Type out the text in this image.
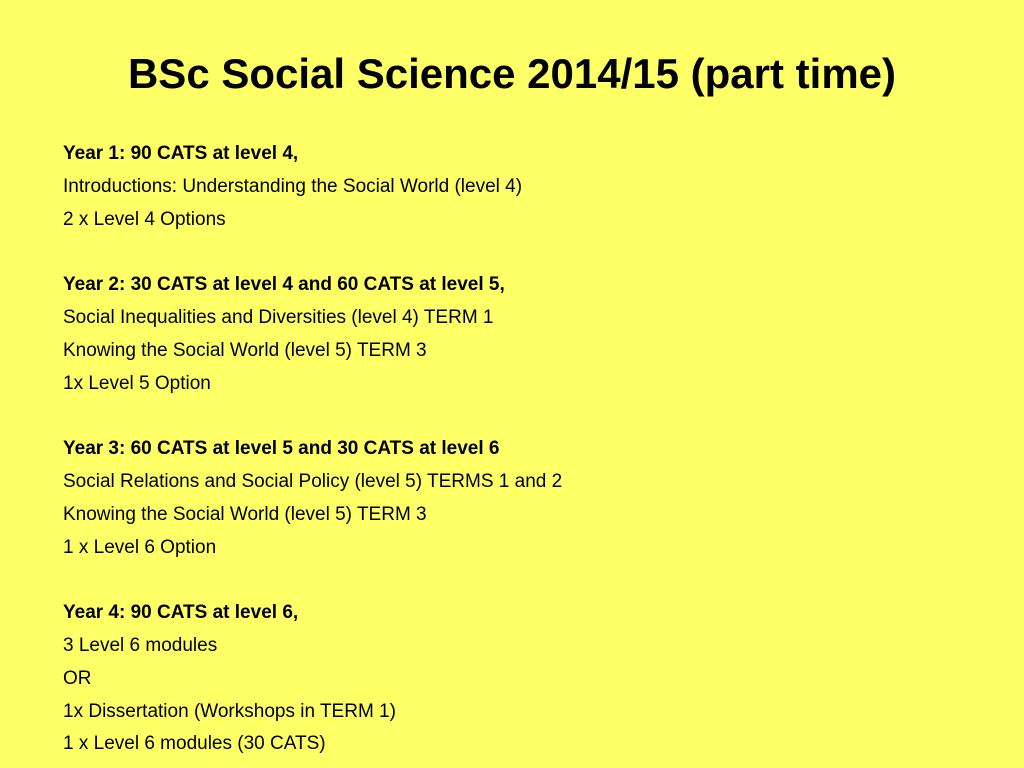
BSc Social Science 2014/15 (part time)
Year 1: 90 CATS at level 4,
Introductions: Understanding the Social World (level 4)
2 x Level 4 Options
Year 2: 30 CATS at level 4 and 60 CATS at level 5,
Social Inequalities and Diversities (level 4) TERM 1
Knowing the Social World (level 5) TERM 3
1x Level 5 Option
Year 3: 60 CATS at level 5 and 30 CATS at level 6
Social Relations and Social Policy (level 5) TERMS 1 and 2
Knowing the Social World (level 5) TERM 3
1 x Level 6 Option
Year 4: 90 CATS at level 6,
3 Level 6 modules
OR
1x Dissertation (Workshops in TERM 1)
1 x Level 6 modules (30 CATS)
